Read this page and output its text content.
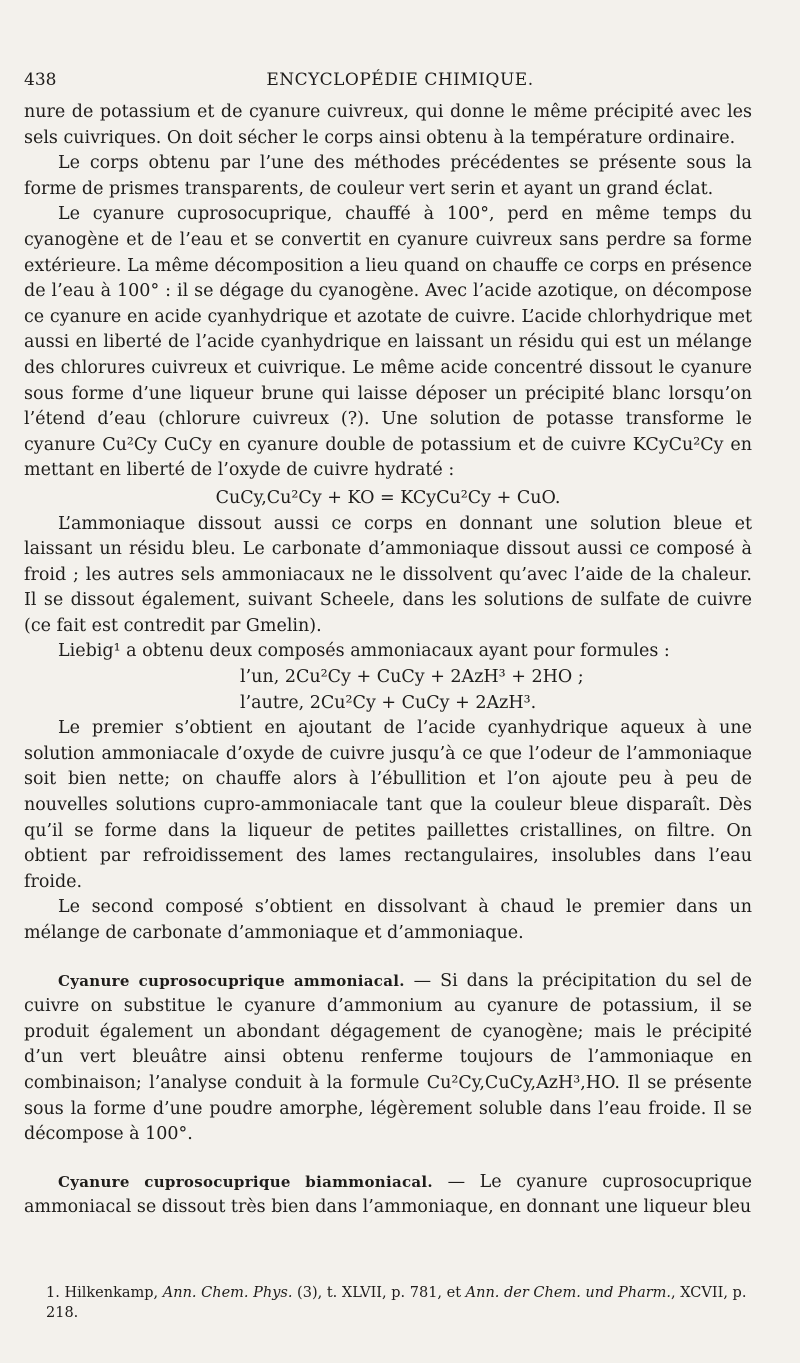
438	ENCYCLOPÉDIE CHIMIQUE.

nure de potassium et de cyanure cuivreux, qui donne le même précipité avec les sels cuivriques. On doit sécher le corps ainsi obtenu à la température ordinaire.

Le corps obtenu par l’une des méthodes précédentes se présente sous la forme de prismes transparents, de couleur vert serin et ayant un grand éclat.

Le cyanure cuprosocuprique, chauffé à 100°, perd en même temps du cyanogène et de l’eau et se convertit en cyanure cuivreux sans perdre sa forme extérieure. La même décomposition a lieu quand on chauffe ce corps en présence de l’eau à 100° : il se dégage du cyanogène. Avec l’acide azotique, on décompose ce cyanure en acide cyanhydrique et azotate de cuivre. L’acide chlorhydrique met aussi en liberté de l’acide cyanhydrique en laissant un résidu qui est un mélange des chlorures cuivreux et cuivrique. Le même acide concentré dissout le cyanure sous forme d’une liqueur brune qui laisse déposer un précipité blanc lorsqu’on l’étend d’eau (chlorure cuivreux (?). Une solution de potasse transforme le cyanure Cu²Cy CuCy en cyanure double de potassium et de cuivre KCyCu²Cy en mettant en liberté de l’oxyde de cuivre hydraté :

CuCy,Cu²Cy + KO = KCyCu²Cy + CuO.

L’ammoniaque dissout aussi ce corps en donnant une solution bleue et laissant un résidu bleu. Le carbonate d’ammoniaque dissout aussi ce composé à froid ; les autres sels ammoniacaux ne le dissolvent qu’avec l’aide de la chaleur. Il se dissout également, suivant Scheele, dans les solutions de sulfate de cuivre (ce fait est contredit par Gmelin).

Liebig¹ a obtenu deux composés ammoniacaux ayant pour formules :

l’un, 2Cu²Cy + CuCy + 2AzH³ + 2HO ;
l’autre, 2Cu²Cy + CuCy + 2AzH³.

Le premier s’obtient en ajoutant de l’acide cyanhydrique aqueux à une solution ammoniacale d’oxyde de cuivre jusqu’à ce que l’odeur de l’ammoniaque soit bien nette; on chauffe alors à l’ébullition et l’on ajoute peu à peu de nouvelles solutions cupro-ammoniacale tant que la couleur bleue disparaît. Dès qu’il se forme dans la liqueur de petites paillettes cristallines, on filtre. On obtient par refroidissement des lames rectangulaires, insolubles dans l’eau froide.

Le second composé s’obtient en dissolvant à chaud le premier dans un mélange de carbonate d’ammoniaque et d’ammoniaque.

Cyanure cuprosocuprique ammoniacal. — Si dans la précipitation du sel de cuivre on substitue le cyanure d’ammonium au cyanure de potassium, il se produit également un abondant dégagement de cyanogène; mais le précipité d’un vert bleuâtre ainsi obtenu renferme toujours de l’ammoniaque en combinaison; l’analyse conduit à la formule Cu²Cy,CuCy,AzH³,HO. Il se présente sous la forme d’une poudre amorphe, légèrement soluble dans l’eau froide. Il se décompose à 100°.

Cyanure cuprosocuprique biammoniacal. — Le cyanure cuprosocuprique ammoniacal se dissout très bien dans l’ammoniaque, en donnant une liqueur bleu

1. Hilkenkamp, Ann. Chem. Phys. (3), t. XLVII, p. 781, et Ann. der Chem. und Pharm., XCVII, p. 218.
